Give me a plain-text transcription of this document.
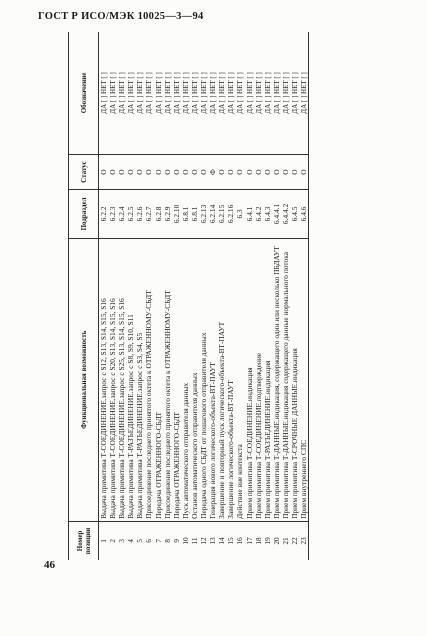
ГОСТ Р ИСО/МЭК 10025—3—94
Номер позиции	Функциональная возможность	Подраздел	Статус	Обозначение
1	Выдача примитива Т-СОЕДИНЕНИЕ.запрос с S12, S13, S14, S15, S16	6.2.2	О	ДА [ ] НЕТ [ ]
2	Выдача примитива Т-СОЕДИНЕНИЕ.запрос с S20, S13, S14, S15, S16	6.2.3	О	ДА [ ] НЕТ [ ]
3	Выдача примитива Т-СОЕДИНЕНИЕ.запрос с S25, S13, S14, S15, S16	6.2.4	О	ДА [ ] НЕТ [ ]
4	Выдача примитива Т-РАЗЪЕДИНЕНИЕ.запрос с S8, S9, S10, S11	6.2.5	О	ДА [ ] НЕТ [ ]
5	Выдача примитива Т-РАЗЪЕДИНЕНИЕ.запрос с S3, S4, S5	6.2.6	О	ДА [ ] НЕТ [ ]
6	Присоединение последнего принятого октета к ОТРАЖЕННОМУ-СБДТ	6.2.7	О	ДА [ ] НЕТ [ ]
7	Передача ОТРАЖЕННОГО-СБДТ	6.2.8	О	ДА [ ] НЕТ [ ]
8	Присоединение последнего принятого октета к ОТРАЖЕННОМУ-СБДТ	6.2.9	О	ДА [ ] НЕТ [ ]
9	Передача ОТРАЖЕННОГО-СБДТ	6.2.10	О	ДА [ ] НЕТ [ ]
10	Пуск автоматического отправителя данных	6.8.1	О	ДА [ ] НЕТ [ ]
11	Останов автоматического отправителя данных	6.8.1	О	ДА [ ] НЕТ [ ]
12	Передача одного СБДТ от пошагового отправителя данных	6.2.13	О	ДА [ ] НЕТ [ ]
13	Генерация нового логического-объекта-ВТ-ПАУТ	6.2.14	Ф	ДА [ ] НЕТ [ ]
14	Завершение и повторный пуск логического-объекта-ВТ-ПАУТ	6.2.15	О	ДА [ ] НЕТ [ ]
15	Завершение логического-объекта-ВТ-ПАУТ	6.2.16	О	ДА [ ] НЕТ [ ]
16	Действие вне контекста	6.3	О	ДА [ ] НЕТ [ ]
17	Прием примитива Т-СОЕДИНЕНИЕ.индикация	6.4.1	О	ДА [ ] НЕТ [ ]
18	Прием примитива Т-СОЕДИНЕНИЕ.подтверждение	6.4.2	О	ДА [ ] НЕТ [ ]
19	Прием примитива Т-РАЗЪЕДИНЕНИЕ.индикация	6.4.3	О	ДА [ ] НЕТ [ ]
20	Прием примитива Т-ДАННЫЕ.индикация, содержащего один или несколько ПБДАУТ	6.4.4.1	О	ДА [ ] НЕТ [ ]
21	Прием примитива Т-ДАННЫЕ.индикация содержащего данные нормального потока	6.4.4.2	О	ДА [ ] НЕТ [ ]
22	Прием примитива Т-СРОЧНЫЕ ДАННЫЕ.индикация	6.4.5	О	ДА [ ] НЕТ [ ]
23	Прием внутреннего СПС	6.4.6	О	ДА [ ] НЕТ [ ]
46
